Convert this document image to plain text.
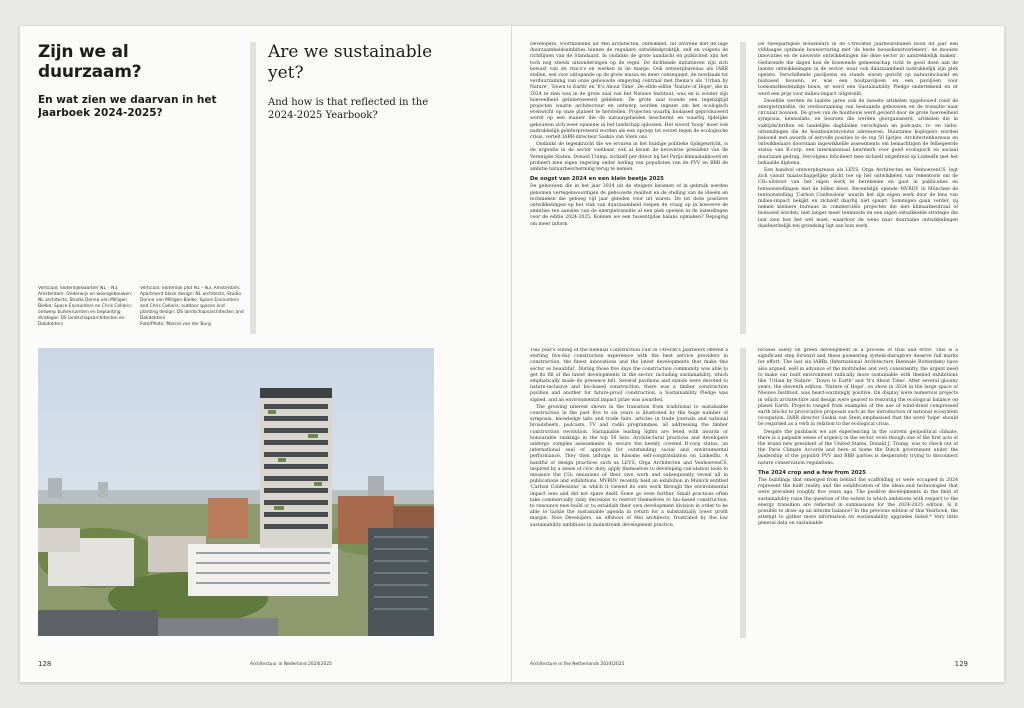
Zijn we al duurzaam?
En wat zien we daarvan in het Jaarboek 2024-2025?
Verticaal, Sloterdijkkwartier N1 – N3, Amsterdam. Onderwijs en woongebouwen: NL architects, Studio Donna van Milligen Bielke, Space Encounters en Chris Collaris; ontwerp buitenruimten en beplanting strategie: DS landschapsarchitecten en Dakdokters
Are we sustainable yet?
And how is that reflected in the 2024-2025 Yearbook?
Verticaal, Sloterdijk plot N1 – N3, Amsterdam. Apartment block design: NL architects, Studio Donna van Milligen Bielke, Space Encounters and Chris Collaris; outdoor spaces and planting design: DS landschapsarchitecten and Dakdokters
Foto/Photo: Marcel van der Burg
128	Architectuur in Nederland 2024|2025

Developers, voortkomend uit Mei architecten, ontwikkelt, uit onvrede met de lage duurzaamheidsambities binnen de reguliere ontwikkelpraktijk, zelf en volgens de richtlijnen van de Standaard. In ondanks de grote aandacht en publiciteit zijn het toch nog steeds uitzonderingen op de regel. De dichtende initiatieven zijn zich bewust van de risico's en werken in de marge. Ook ontwerpbureaus als IABR stellen, wel voor uitlopende op de grote massa en meer consequent, de noodzaak tot verduurzaming van onze gebouwde omgeving centraal met thema's als 'Urban by Nature', 'Down to Earth' en 'It's About Time'. De elfde editie 'Nature of Hope', die in 2024 te zien was in de grote zaal van het Nieuwe Instituut, was en is zonder zijn hoeveelheid geïnteresseerd gebleken. De grote zaal toonde een tegenzijtijd projecten waarin architectuur en ontwerp worden ingezet om het ecologisch evenwicht op onze planeet te herstellen. Projecten waarbij biobased geproduceerd wordt op een manier die de natuurgebieden beschermt en waarbij tijdelijke gebouwen zich weer opnieuw in het landschap oplossen. Het woord 'hoop' moet ook nadrukkelijk geïnterpreteerd worden als een oproep tot verzet tegen de ecologische crisis, vertelt IABR-directeur Saskia van Stein ons.

Ondanks de tegenkracht die we ervaren in het huidige politieke tijdsgewricht, is de urgentie in de sector voelbaar, ook al kwam de kersverse president van de Verenigde Staten, Donald Trump, zichzelf per direct bij het Parijs-klimaatakkoord en probeert men eigen regering onder leiding van populisten van de PVV en BBB de ambitie natuurbescherming terug te nemen.

De oogst van 2024 en een klein beetje 2025

De gebouwen die in het jaar 2024 uit de steigers kwamen of in gebruik werden genomen vertegenwoordigen de gebouwde realiteit en de stelling van de ideeën en technieken die geboeg vijf jaar geleden voor uit waren. De tot deze positieve ontwikkelingen op het vlak van duurzaamheid roepen de vraag op in hoeverre de ambities ten aanzien van de energietransitie al een plek opeisen in de inzendingen voor de editie 2024-2025. Konnen we een tussentijdse balans opmaken? Depoging om meer inform

De tweejaarlijkse Bouwbeurs in de Utrechtse Jaarbeurshallen bood dit jaar een viifdaagse optimale bouwervaring met 'de beste bouwdienstverleners', de mooiste innovaties en de nieuwste ontwikkelingen die deze sector zo aantrekkelijk maken'. Gedurende die dagen kon de bouwende gemeenschap richt te goed doen aan de laatste ontwikkelingen in de sector, waar ook duurzaamheid nadrukkelijk zijn plek opeiste. Verschillende paviljoens en stands waren gericht op natuurinclusief en biobased bouwen, er was een houtpaviljoen en een paviljoen voor toekomstbestendige bouw, er werd een Sustainability Pledge ondertekend en er werd een prijs voor milieu-impact uitgereikt.

Dezelfde werden de laatste jaren ook de meeste artikelen opgebouwd rond de energietransitie, de verduurzaming van bestaande gebouwen en de transitie naar circulair bouwen. De groei van de houtbouw werd gevierd door de grote hoeveelheid symposia, kennislabs, en beurzen die werden georganiseerd, artikelen die in vaktijdschriften en landelijke dagbladen verschijnen en podcasts, tv- en radio-uitzendingen die de houtbouwrevolutie adresseren. Duurzame koplopers worden beloond met awards of eervolle posities in de top 50 lijstjes. Architectenbureaus en ontwikkelaars doorstaan ingewikkelde assessments om bemachtigen de felbegeerde status van B-corp, een internationaal keurmerk voor goed ecologisch en sociaal duurzaam gedrag. Vervolgens feliciteert men zichzelf uitgebreid op LinkedIn met het behaalde diploma.

Een handvol ontwerpbureaus als LEVS, Orga Architecten en VenhoevenCS, legt zich vanuit maatschappelijke plicht toe op het ontwikkelen van rekentools om de CO₂-uitstoot van het eigen werk te berekenen en gaat in publicaties en tentoonstellingen met de billen bloot. Recentelijk opende MVRDV in München de tentoonstelling 'Carbon Confessions' waarin het zijn eigen werk door de lens van milieu-impact bekijkt en zichzelf daarbij niet spaart. Sommigen gaan verder, zij nemen kleinere bureaus in commerciële projecten die niet klimaatneutraal of biobased worden, niet langer meer tenminste en een eigen ontwikkelde strategie die laat zien hoe het wél moet, waardoor de wens naar duurzame ontwikkelingen daadwerkelijk ten grondslag ligt aan hun werk.

This year's outing of the biennial Construction Fair in Utrecht's Jaarbeurs offered a sterling five-day construction experience with the best service providers in construction, the finest innovations and the latest developments that make this sector so beautiful'. During those five days the construction community was able to get its fill of the latest developments in the sector, including sustainability, which emphatically made its presence felt. Several pavilions and stands were devoted to nature-inclusive and bio-based construction, there was a timber construction pavilion and another for future-proof construction, a Sustainability Pledge was signed, and an environmental impact prize was awarded.

The growing interest shown in the transition from traditional to sustainable construction in the past five to six years is illustrated by the huge number of symposia, knowledge labs and trade fairs, articles in trade journals and national broadsheets, podcasts, TV and radio programmes, all addressing the timber construction revolution. Sustainable leading lights are feted with awards or honourable rankings in the top 50 lists. Architectural practices and developers undergo complex assessments to secure the keenly coveted B-corp status, an international seal of approval for outstanding social and environmental performance. They then indulge in fulsome self-congratulation on LinkedIn. A handful of design practices such as LEVS, Orga Architecten and VenhoevenCS, inspired by a sense of civic duty, apply themselves to developing calculation tools to measure the CO₂ emissions of their own work and subsequently reveal all in publications and exhibitions. MVRDV recently held an exhibition in Munich entitled 'Carbon Confessions' in which it viewed its own work through the environmental impact lens and did not spare itself. Some go even further. Small practices often take commercially risky decisions to restrict themselves to bio-based construction, to renounce new-build or to establish their own development division in order to be able to tackle the sustainable agenda in return for a substantially lower profit margin. Nice Developers, an offshoot of Mei architects, frustrated by the low sustainability ambitions in mainstream development practice,

focuses solely on green development in a process of trial and error. This is a significant step forward and these pioneering system-disruptors deserve full marks for effort. The last six IABRs (International Architecture Biennale Rotterdam) have also argued, well in advance of the multitudes and very consistently, the urgent need to make our built environment radically more sustainable with themed exhibitions like 'Urban by Nature', 'Down to Earth' and 'It's About Time'. After several gloomy years, the eleventh edition, 'Nature of Hope', on show in 2024 in the large space of Nieuwe Instituut, was heart-warmingly positive. On display were numerous projects in which architecture and design were geared to restoring the ecological balance on planet Earth. Projects ranged from examples of the use of wind-dried compressed earth blocks to provocative proposals such as the introduction of national ecosystem occupation. IABR director Saskia van Stein emphasised that the word 'hope' should be regarded as a verb in relation to the ecological crisis.

Despite the pushback we are experiencing in the current geopolitical climate, there is a palpable sense of urgency in the sector, even though one of the first acts of the brand new president of the United States, Donald J. Trump, was to check out of the Paris Climate Accords and here at home the Dutch government under the leadership of the populist PVV and BBB parties is desperately trying to disconnect nature conservation regulations.

The 2024 crop and a few from 2025

The buildings that emerged from behind the scaffolding or were occupied in 2024 represent the built reality and the solidification of the ideas and technologies that were prevalent roughly five years ago. The positive developments in the field of sustainability raise the question of the extent to which ambitions with respect to the energy transition are reflected in submissions for the 2024-2025 edition. Is it possible to draw up an interim balance? In the previous edition of this Yearbook, the attempt to gather more information on sustainability upgrades failed.* Very little general data on sustainable

Architecture in the Netherlands 2024|2025	129
